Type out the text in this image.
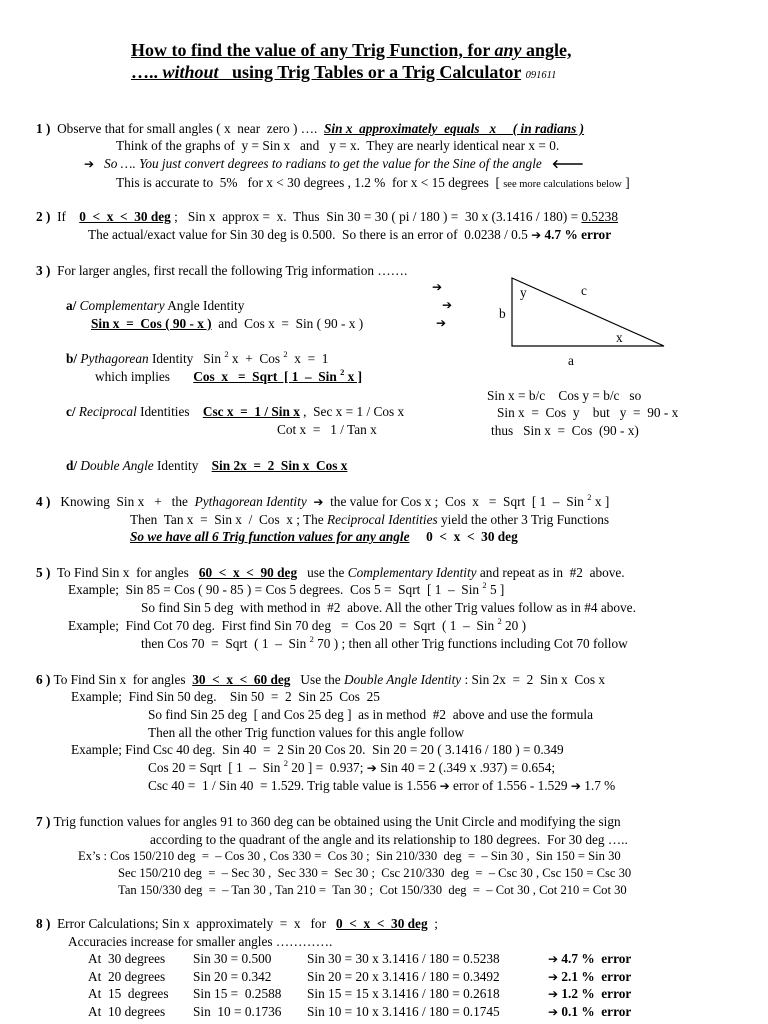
How to find the value of any Trig Function, for any angle,
….. without   using Trig Tables or a Trig Calculator 091611
1 ) Observe that for small angles ( x  near  zero ) ….  Sin x  approximately  equals   x     ( in radians )
Think of the graphs of  y = Sin x   and   y = x.  They are nearly identical near x = 0.
➔ So …. You just convert degrees to radians to get the value for the Sine of the angle 🡐
This is accurate to  5%   for x < 30 degrees , 1.2 %  for x < 15 degrees  [ see more calculations below ]
2 ) If    0  <  x  <  30 deg ;   Sin x  approx =  x.  Thus  Sin 30 = 30 ( pi / 180 ) =  30 x (3.1416 / 180) = 0.5238
The actual/exact value for Sin 30 deg is 0.500.  So there is an error of  0.0238 / 0.5 ➔ 4.7 % error
3 ) For larger angles, first recall the following Trig information …….
➔
a/ Complementary Angle Identity	➔
Sin x  =  Cos ( 90 - x )  and  Cos x  =  Sin ( 90 - x )	➔
b/ Pythagorean Identity   Sin $^2$ x  +  Cos $^2$  x  =  1
which implies       Cos  x   =  Sqrt  [ 1  –  Sin $^2$ x ]
c/ Reciprocal Identities    Csc x  =  1 / Sin x ,  Sec x = 1 / Cos x
Cot x  =   1 / Tan x
d/ Double Angle Identity    Sin 2x  =  2  Sin x  Cos x
y	c
b
x
a
Sin x = b/c    Cos y = b/c   so
Sin x  =  Cos  y    but   y  =  90 - x
thus   Sin x  =  Cos  (90 - x)
4 ) Knowing  Sin x   +   the  Pythagorean Identity ➔  the value for Cos x ;  Cos  x   =  Sqrt  [ 1  –  Sin $^2$ x ]
Then  Tan x  =  Sin x  /  Cos  x ; The Reciprocal Identities yield the other 3 Trig Functions
So we have all 6 Trig function values for any angle     0  <  x  <  30 deg
5 ) To Find Sin x  for angles   60  <  x  <  90 deg   use the Complementary Identity and repeat as in  #2  above.
Example;  Sin 85 = Cos ( 90 - 85 ) = Cos 5 degrees.  Cos 5 =  Sqrt  [ 1  –  Sin $^2$ 5 ]
So find Sin 5 deg  with method in  #2  above. All the other Trig values follow as in #4 above.
Example;  Find Cot 70 deg.  First find Sin 70 deg   =  Cos 20  =  Sqrt  ( 1  –  Sin $^2$ 20 )
then Cos 70  =  Sqrt  ( 1  –  Sin $^2$ 70 ) ; then all other Trig functions including Cot 70 follow
6 ) To Find Sin x  for angles  30  <  x  <  60 deg   Use the Double Angle Identity : Sin 2x  =  2  Sin x  Cos x
Example;  Find Sin 50 deg.    Sin 50  =  2  Sin 25  Cos  25
So find Sin 25 deg  [ and Cos 25 deg ]  as in method  #2  above and use the formula
Then all the other Trig function values for this angle follow
Example; Find Csc 40 deg.  Sin 40  =  2 Sin 20 Cos 20.  Sin 20 = 20 ( 3.1416 / 180 ) = 0.349
Cos 20 = Sqrt  [ 1  –  Sin $^2$ 20 ] =  0.937; ➔ Sin 40 = 2 (.349 x .937) = 0.654;
Csc 40 =  1 / Sin 40  = 1.529. Trig table value is 1.556 ➔ error of 1.556 - 1.529 ➔ 1.7 %
7 ) Trig function values for angles 91 to 360 deg can be obtained using the Unit Circle and modifying the sign
according to the quadrant of the angle and its relationship to 180 degrees.  For 30 deg …..
Ex’s : Cos 150/210 deg  =  – Cos 30 , Cos 330 =  Cos 30 ;  Sin 210/330  deg  =  – Sin 30 ,  Sin 150 = Sin 30
Sec 150/210 deg  =  – Sec 30 ,  Sec 330 =  Sec 30 ;  Csc 210/330  deg  =  – Csc 30 , Csc 150 = Csc 30
Tan 150/330 deg  =  – Tan 30 , Tan 210 =  Tan 30 ;  Cot 150/330  deg  =  – Cot 30 , Cot 210 = Cot 30
8 ) Error Calculations; Sin x  approximately  =  x   for   0  <  x  <  30 deg  ;
Accuracies increase for smaller angles ………….
At  30 degrees Sin 30 = 0.500	Sin 30 = 30 x 3.1416 / 180 = 0.5238	➔ 4.7 %  error
At  20 degrees Sin 20 = 0.342	Sin 20 = 20 x 3.1416 / 180 = 0.3492	➔ 2.1 %  error
At  15  degrees Sin 15 =  0.2588 Sin 15 = 15 x 3.1416 / 180 = 0.2618	➔ 1.2 %  error
At  10 degrees Sin  10 = 0.1736 Sin 10 = 10 x 3.1416 / 180 = 0.1745	➔ 0.1 %  error
